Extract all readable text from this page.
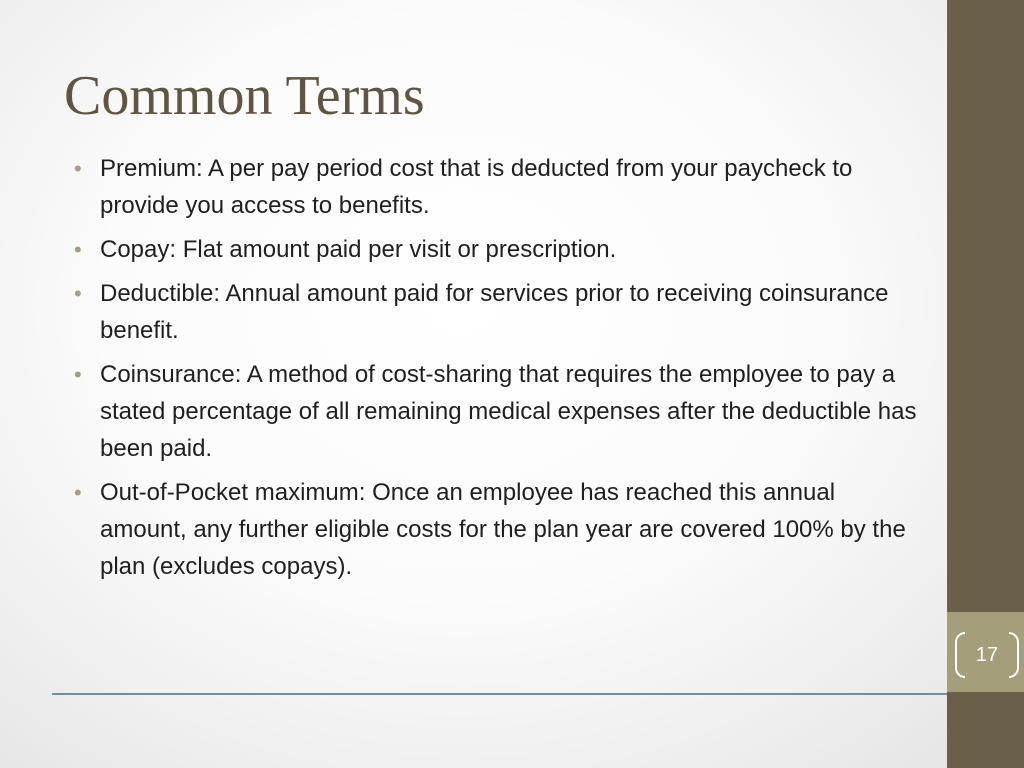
Common Terms
• Premium: A per pay period cost that is deducted from your paycheck to provide you access to benefits.
• Copay: Flat amount paid per visit or prescription.
• Deductible: Annual amount paid for services prior to receiving coinsurance benefit.
• Coinsurance: A method of cost-sharing that requires the employee to pay a stated percentage of all remaining medical expenses after the deductible has been paid.
• Out-of-Pocket maximum: Once an employee has reached this annual amount, any further eligible costs for the plan year are covered 100% by the plan (excludes copays).
17
